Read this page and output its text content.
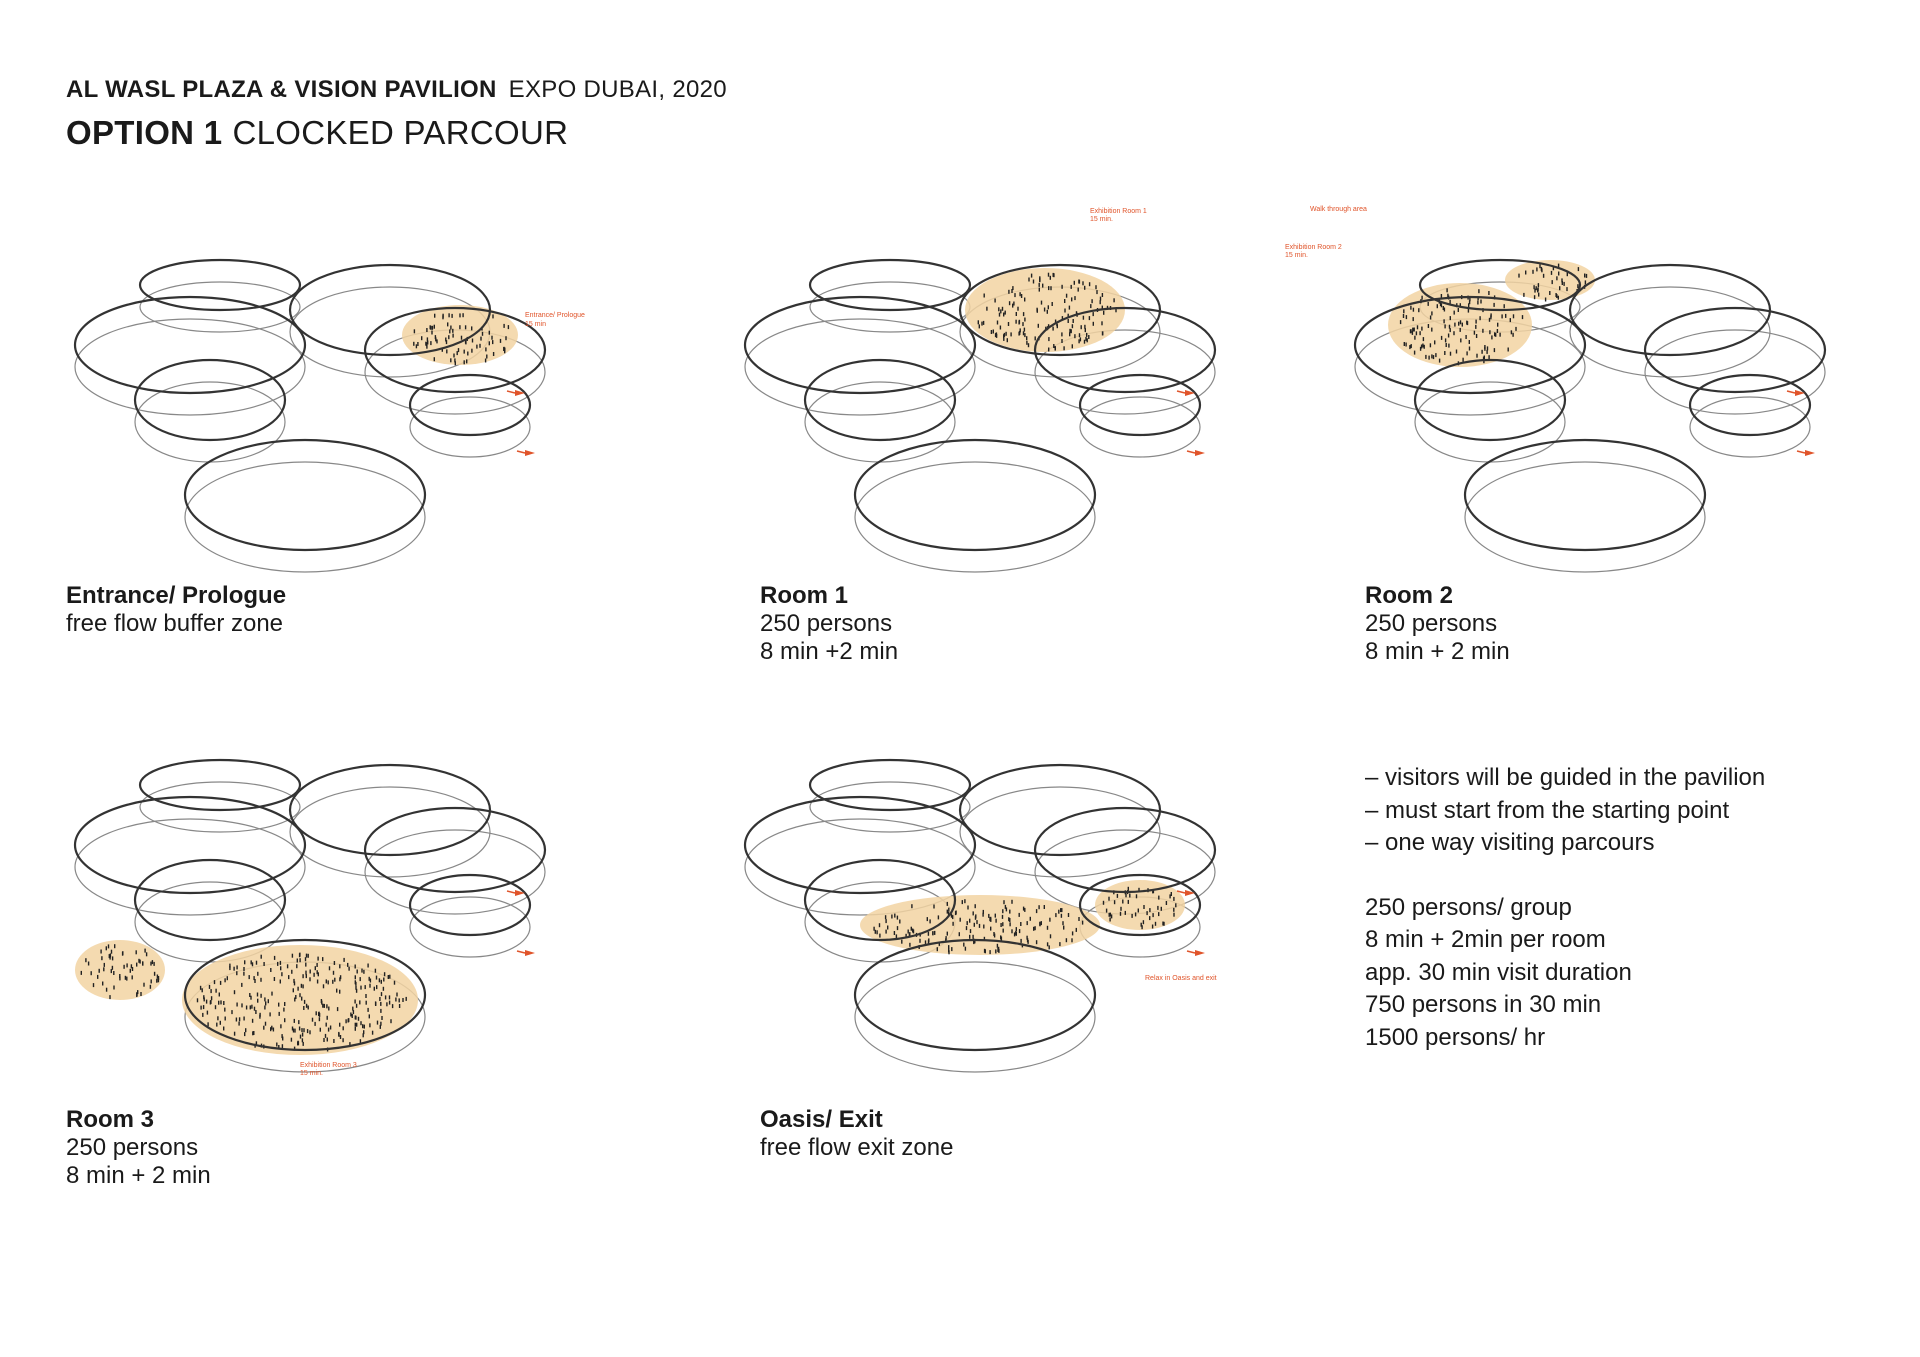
AL WASL PLAZA & VISION PAVILION EXPO DUBAI, 2020
OPTION 1 CLOCKED PARCOUR
Entrance/ Prologue
15 min
Exhibition Room 1
15 min.
Walk through area
Exhibition Room 2
15 min.
Exhibition Room 3
15 min.
Relax in Oasis and exit
Entrance/ Prologue
free flow buffer zone
Room 1
250 persons
8 min +2 min
Room 2
250 persons
8 min + 2 min
Room 3
250 persons
8 min + 2 min
Oasis/ Exit
free flow exit zone
– visitors will be guided in the pavilion
– must start from the starting point
– one way visiting parcours
250 persons/ group
8 min + 2min per room
app. 30 min visit duration
750 persons in 30 min
1500 persons/ hr
